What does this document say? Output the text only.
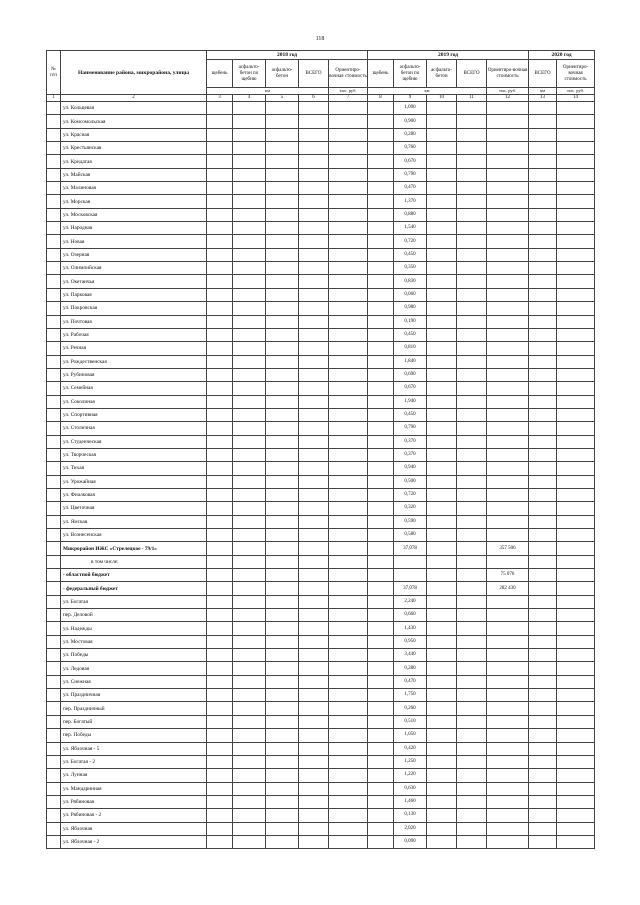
118
№
п/п	Наименование района, микрорайона, улицы	2018 год					2019 год					2020 год	
		щебень	асфальто-бетон по щебню	асфальто-бетон	ВСЕГО	Ориентиро-вочная стоимость	щебень	асфальто-бетон по щебню	асфальто-бетон	ВСЕГО	Ориентиро-вочная стоимость	ВСЕГО	Ориентиро-вочная стоимость
		км				тыс. руб.	км				тыс. руб.	км	тыс. руб.
1	2	3	4	5	6	7	8	9	10	11	12	13	14
	ул. Кольцевая							1,090					
	ул. Комсомольская							0,900					
	ул. Красная							0,280					
	ул. Крестьянская							0,760					
	ул. Кридатая							0,670					
	ул. Майская							0,790					
	ул. Малиновая							0,470					
	ул. Морская							1,370					
	ул. Московская							0,880					
	ул. Народная							1,540					
	ул. Новая							0,720					
	ул. Озерная							0,450					
	ул. Олимпийская							0,350					
	ул. Окетанчья							0,830					
	ул. Парковая							0,060					
	ул. Покровская							0,980					
	ул. Почтовая							0,190					
	ул. Рабочая							0,450					
	ул. Речная							0,810					
	ул. Рождественская							1,840					
	ул. Рубиновая							0,690					
	ул. Семейная							0,670					
	ул. Соколиная							1,940					
	ул. Спортивная							0,450					
	ул. Столичная							0,790					
	ул. Студенческая							0,370					
	ул. Творческая							0,370					
	ул. Тихая							0,940					
	ул. Урожайная							0,500					
	ул. Фиалковая							0,720					
	ул. Цветочная							0,320					
	ул. Ямская							0,590					
	ул. Вознесенская							0,580					
	Микрорайон ИЖС «Стрелецкое - 79/1»							37,078			357 506		
	в том числе:												
	- областной бюджет										75 076		
	- федеральный бюджет							37,078			282 430		
	ул. Богатая							2,240					
	пер. Деловой							0,660					
	ул. Надежды							1,430					
	ул. Мостовая							0,950					
	ул. Победы							3,440					
	ул. Ледовая							0,280					
	ул. Снежная							0,470					
	ул. Праздничная							1,750					
	пер. Праздничный							0,260					
	пер. Богатый							0,510					
	пер. Победы							1,050					
	ул. Яблочная - 5							0,420					
	ул. Богатая - 2							1,250					
	ул. Лунная							1,220					
	ул. Мандаринная							0,630					
	ул. Рябиновая							1,460					
	ул. Рябиновая - 2							0,130					
	ул. Яблочная							2,020					
	ул. Яблочная - 2							0,090					
